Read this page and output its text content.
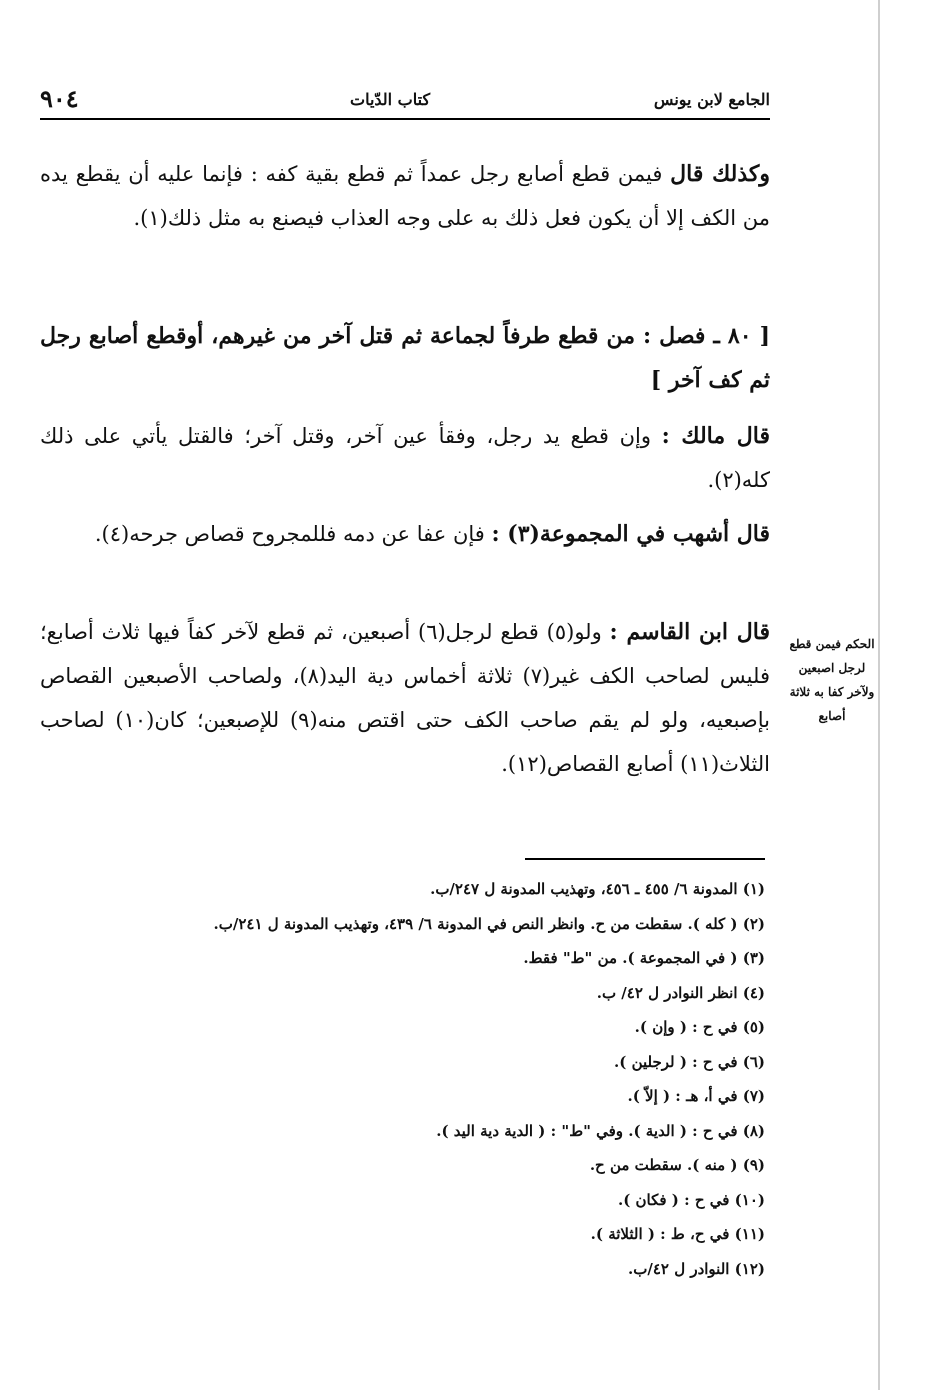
الجامع لابن يونس
كتاب الدّيات
٩٠٤
وكذلك قال فيمن قطع أصابع رجل عمداً ثم قطع بقية كفه : فإنما عليه أن يقطع يده من الكف إلا أن يكون فعل ذلك به على وجه العذاب فيصنع به مثل ذلك(١).
[ ٨٠ ـ فصل : من قطع طرفاً لجماعة ثم قتل آخر من غيرهم، أوقطع أصابع رجل ثم كف آخر ]
قال مالك : وإن قطع يد رجل، وفقأ عين آخر، وقتل آخر؛ فالقتل يأتي على ذلك كله(٢).
قال أشهب في المجموعة(٣) : فإن عفا عن دمه فللمجروح قصاص جرحه(٤).
قال ابن القاسم : ولو(٥) قطع لرجل(٦) أصبعين، ثم قطع لآخر كفاً فيها ثلاث أصابع؛ فليس لصاحب الكف غير(٧) ثلاثة أخماس دية اليد(٨)، ولصاحب الأصبعين القصاص بإصبعيه، ولو لم يقم صاحب الكف حتى اقتص منه(٩) للإصبعين؛ كان(١٠) لصاحب الثلاث(١١) أصابع القصاص(١٢).
الحكم فيمن قطع لرجل اصبعين ولآخر كفا به ثلاثة أصابع
(١) المدونة ٦/ ٤٥٥ ـ ٤٥٦، وتهذيب المدونة ل ٢٤٧/ب.
(٢) ( كله ). سقطت من ح. وانظر النص في المدونة ٦/ ٤٣٩، وتهذيب المدونة ل ٢٤١/ب.
(٣) ( في المجموعة ). من "ط" فقط.
(٤) انظر النوادر ل ٤٢/ ب.
(٥) في ح : ( وإن ).
(٦) في ح : ( لرجلين ).
(٧) في أ، هـ : ( إلاّ ).
(٨) في ح : ( الدية ). وفي "ط" : ( الدية دية اليد ).
(٩) ( منه ). سقطت من ح.
(١٠) في ح : ( فكان ).
(١١) في ح، ط : ( الثلاثة ).
(١٢) النوادر ل ٤٢/ب.
